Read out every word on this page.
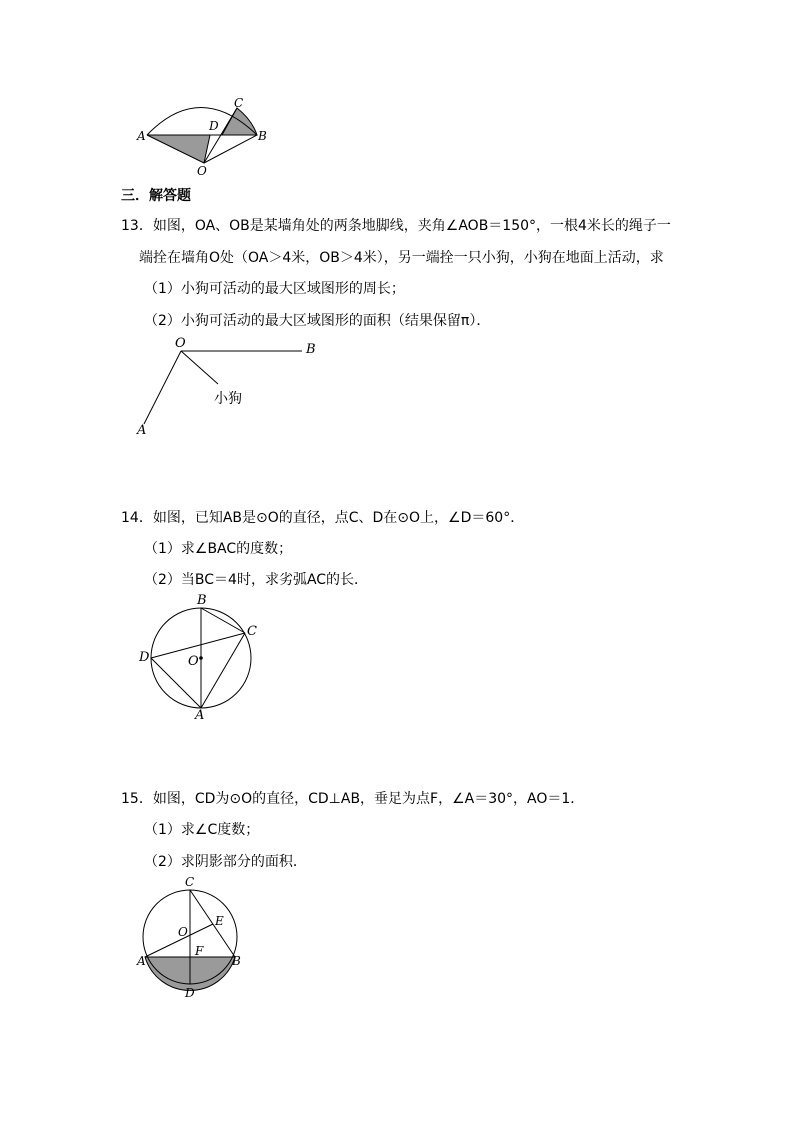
C
A
D
B
O
三．解答题
13．如图，OA、OB是某墙角处的两条地脚线，夹角∠AOB＝150°，一根4米长的绳子一
端拴在墙角O处（OA＞4米，OB＞4米），另一端拴一只小狗，小狗在地面上活动，求
（1）小狗可活动的最大区域图形的周长；
（2）小狗可活动的最大区域图形的面积（结果保留π）．
O	B
小狗
A
14．如图，已知AB是⊙O的直径，点C、D在⊙O上，∠D＝60°．
（1）求∠BAC的度数；
（2）当BC＝4时，求劣弧AC的长．
B
C
D	O
A
15．如图，CD为⊙O的直径，CD⊥AB，垂足为点F，∠A＝30°，AO＝1．
（1）求∠C度数；
（2）求阴影部分的面积．
C
E
O
F
A	B
D
